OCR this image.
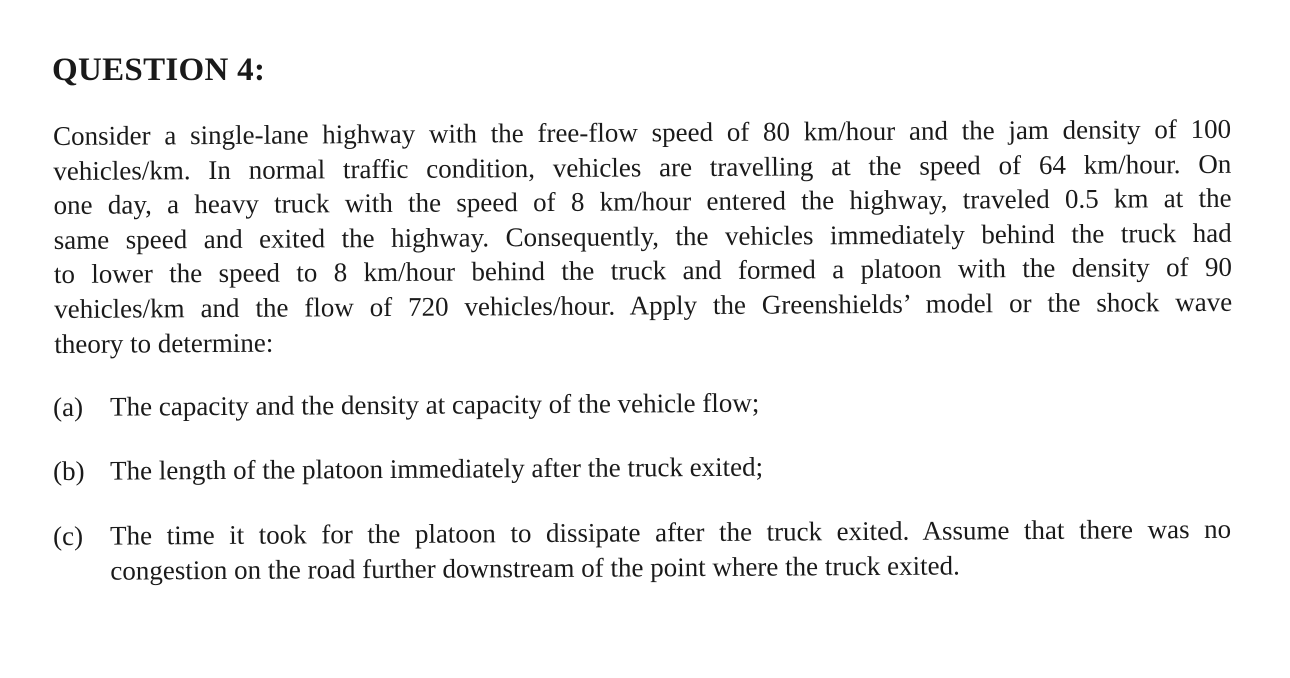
QUESTION 4:
Consider a single-lane highway with the free-flow speed of 80 km/hour and the jam density of 100
vehicles/km. In normal traffic condition, vehicles are travelling at the speed of 64 km/hour. On
one day, a heavy truck with the speed of 8 km/hour entered the highway, traveled 0.5 km at the
same speed and exited the highway. Consequently, the vehicles immediately behind the truck had
to lower the speed to 8 km/hour behind the truck and formed a platoon with the density of 90
vehicles/km and the flow of 720 vehicles/hour. Apply the Greenshields’ model or the shock wave
theory to determine:
(a) The capacity and the density at capacity of the vehicle flow;
(b) The length of the platoon immediately after the truck exited;
(c) The time it took for the platoon to dissipate after the truck exited. Assume that there was no
congestion on the road further downstream of the point where the truck exited.
